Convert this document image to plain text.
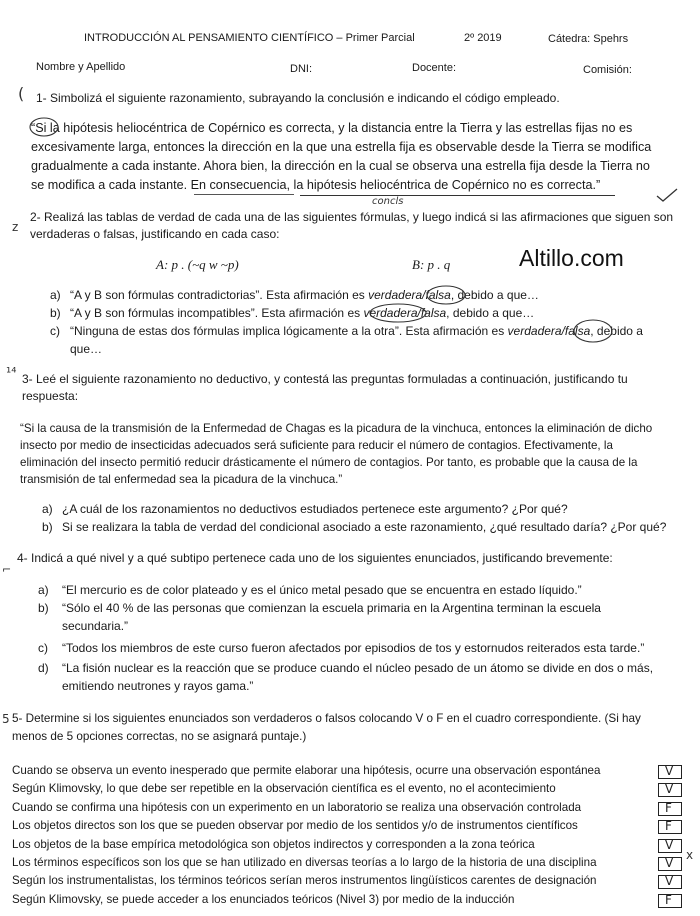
INTRODUCCIÓN AL PENSAMIENTO CIENTÍFICO – Primer Parcial	2º 2019	Cátedra: Spehrs
Nombre y Apellido	DNI:	Docente:	Comisión:
( 1- Simbolizá el siguiente razonamiento, subrayando la conclusión e indicando el código empleado.
“Si la hipótesis heliocéntrica de Copérnico es correcta, y la distancia entre la Tierra y las estrellas fijas no es
excesivamente larga, entonces la dirección en la que una estrella fija es observable desde la Tierra se modifica
gradualmente a cada instante. Ahora bien, la dirección en la cual se observa una estrella fija desde la Tierra no
se modifica a cada instante. En consecuencia, la hipótesis heliocéntrica de Copérnico no es correcta.”
concls
z
2- Realizá las tablas de verdad de cada una de las siguientes fórmulas, y luego indicá si las afirmaciones que siguen son
verdaderas o falsas, justificando en cada caso:
A: p . (~q w ~p)	B: p . q	Altillo.com
a) “A y B son fórmulas contradictorias”. Esta afirmación es verdadera/falsa, debido a que…
b) “A y B son fórmulas incompatibles”. Esta afirmación es verdadera/falsa, debido a que…
c) “Ninguna de estas dos fórmulas implica lógicamente a la otra”. Esta afirmación es verdadera/falsa, debido a
que…
¹⁴ 3- Leé el siguiente razonamiento no deductivo, y contestá las preguntas formuladas a continuación, justificando tu
respuesta:
“Si la causa de la transmisión de la Enfermedad de Chagas es la picadura de la vinchuca, entonces la eliminación de dicho
insecto por medio de insecticidas adecuados será suficiente para reducir el número de contagios. Efectivamente, la
eliminación del insecto permitió reducir drásticamente el número de contagios. Por tanto, es probable que la causa de la
transmisión de tal enfermedad sea la picadura de la vinchuca.”
a) ¿A cuál de los razonamientos no deductivos estudiados pertenece este argumento? ¿Por qué?
b) Si se realizara la tabla de verdad del condicional asociado a este razonamiento, ¿qué resultado daría? ¿Por qué?
⌐
4- Indicá a qué nivel y a qué subtipo pertenece cada uno de los siguientes enunciados, justificando brevemente:
a) “El mercurio es de color plateado y es el único metal pesado que se encuentra en estado líquido.”
b) “Sólo el 40 % de las personas que comienzan la escuela primaria en la Argentina terminan la escuela
secundaria.”
c) “Todos los miembros de este curso fueron afectados por episodios de tos y estornudos reiterados esta tarde.”
d) “La fisión nuclear es la reacción que se produce cuando el núcleo pesado de un átomo se divide en dos o más,
emitiendo neutrones y rayos gama.”
5 5- Determine si los siguientes enunciados son verdaderos o falsos colocando V o F en el cuadro correspondiente. (Si hay
menos de 5 opciones correctas, no se asignará puntaje.)
Cuando se observa un evento inesperado que permite elaborar una hipótesis, ocurre una observación espontánea	V
Según Klimovsky, lo que debe ser repetible en la observación científica es el evento, no el acontecimiento	V
Cuando se confirma una hipótesis con un experimento en un laboratorio se realiza una observación controlada	F
Los objetos directos son los que se pueden observar por medio de los sentidos y/o de instrumentos científicos	F
Los objetos de la base empírica metodológica son objetos indirectos y corresponden a la zona teórica	V
Los términos específicos son los que se han utilizado en diversas teorías a lo largo de la historia de una disciplina	V
Según los instrumentalistas, los términos teóricos serían meros instrumentos lingüísticos carentes de designación	V
Según Klimovsky, se puede acceder a los enunciados teóricos (Nivel 3) por medio de la inducción	F
x
